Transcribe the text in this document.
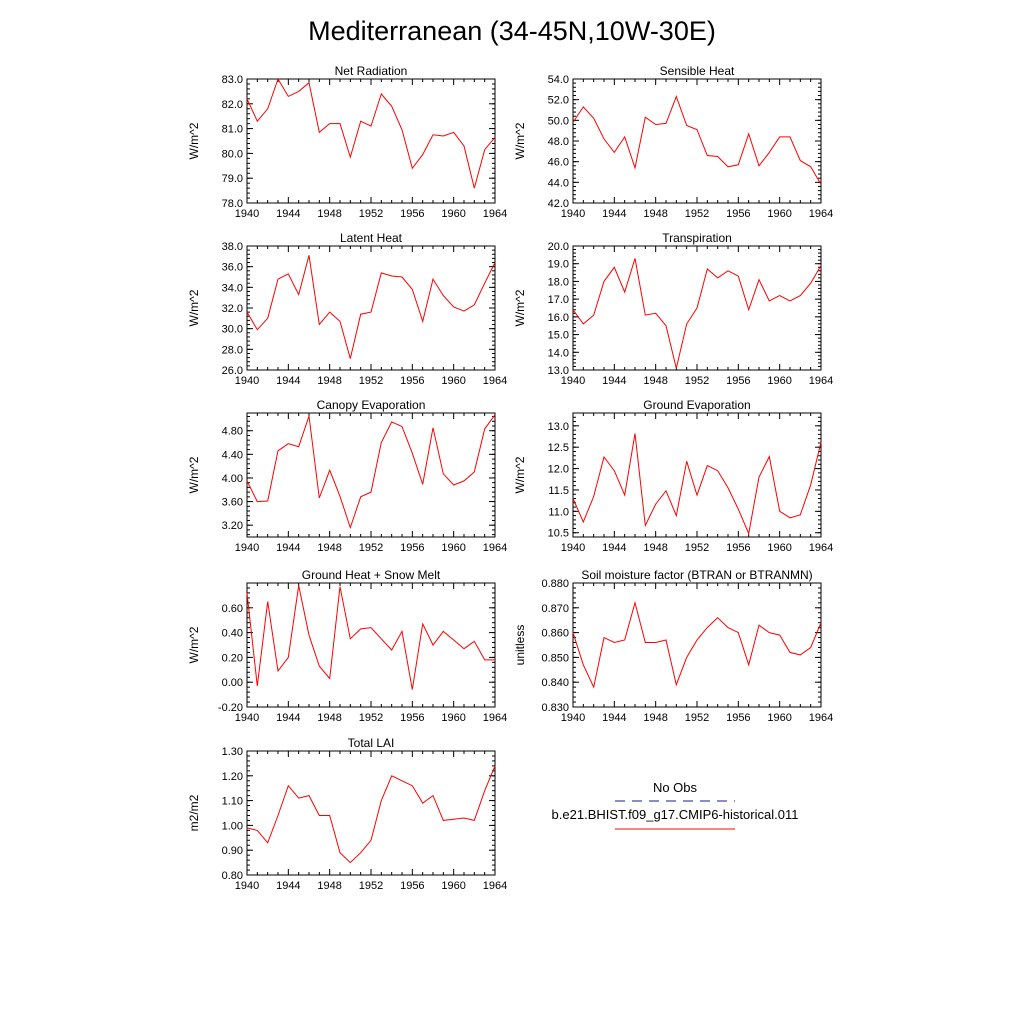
Mediterranean (34-45N,10W-30E)
Net Radiation
1940 1944 1948 1952 1956 1960 1964
78.0
79.0
80.0
81.0
82.0
83.0
W/m^2
Sensible Heat
1940 1944 1948 1952 1956 1960 1964
42.0
44.0
46.0
48.0
50.0
52.0
54.0
W/m^2
Latent Heat
1940 1944 1948 1952 1956 1960 1964
26.0
28.0
30.0
32.0
34.0
36.0
38.0
W/m^2
Transpiration
1940 1944 1948 1952 1956 1960 1964
13.0
14.0
15.0
16.0
17.0
18.0
19.0
20.0
W/m^2
Canopy Evaporation
1940 1944 1948 1952 1956 1960 1964
3.20
3.60
4.00
4.40
4.80
W/m^2
Ground Evaporation
1940 1944 1948 1952 1956 1960 1964
10.5
11.0
11.5
12.0
12.5
13.0
W/m^2
Ground Heat + Snow Melt
1940 1944 1948 1952 1956 1960 1964
-0.20
0.00
0.20
0.40
0.60
W/m^2
Soil moisture factor (BTRAN or BTRANMN)
1940 1944 1948 1952 1956 1960 1964
0.830
0.840
0.850
0.860
0.870
0.880
unitless
Total LAI
1940 1944 1948 1952 1956 1960 1964
0.80
0.90
1.00
1.10
1.20
1.30
m2/m2
No Obs
b.e21.BHIST.f09_g17.CMIP6-historical.011
